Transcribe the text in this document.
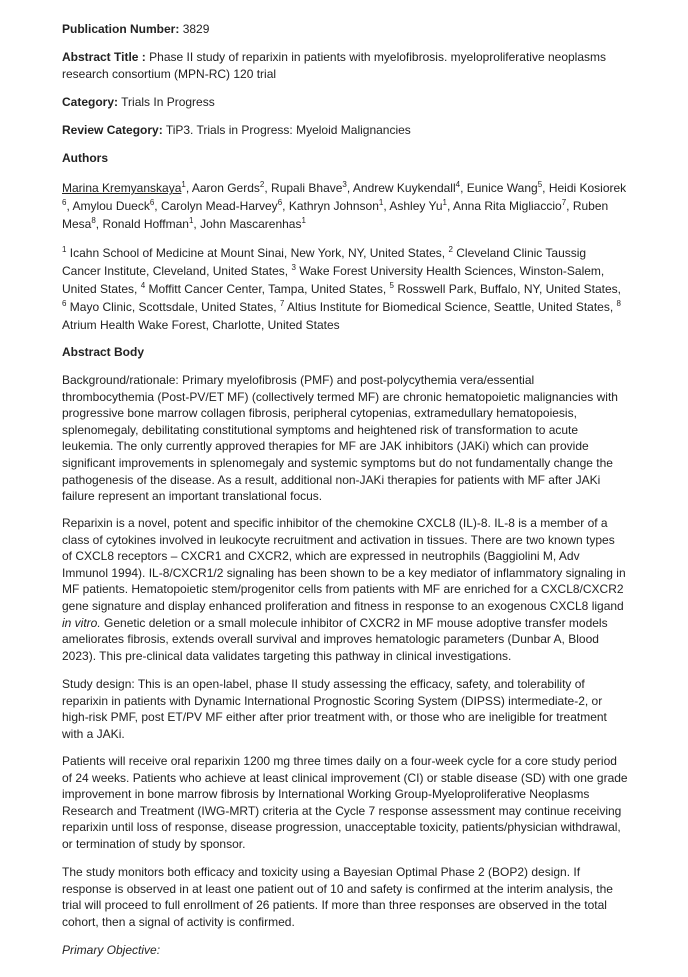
Publication Number: 3829
Abstract Title : Phase II study of reparixin in patients with myelofibrosis. myeloproliferative neoplasms research consortium (MPN-RC) 120 trial
Category: Trials In Progress
Review Category: TiP3. Trials in Progress: Myeloid Malignancies
Authors
Marina Kremyanskaya$^1$, Aaron Gerds$^2$, Rupali Bhave$^3$, Andrew Kuykendall$^4$, Eunice Wang$^5$, Heidi Kosiorek $^6$, Amylou Dueck$^6$, Carolyn Mead-Harvey$^6$, Kathryn Johnson$^1$, Ashley Yu$^1$, Anna Rita Migliaccio$^7$, Ruben Mesa$^8$, Ronald Hoffman$^1$, John Mascarenhas$^1$
$^1$ Icahn School of Medicine at Mount Sinai, New York, NY, United States, $^2$ Cleveland Clinic Taussig Cancer Institute, Cleveland, United States, $^3$ Wake Forest University Health Sciences, Winston-Salem, United States, $^4$ Moffitt Cancer Center, Tampa, United States, $^5$ Rosswell Park, Buffalo, NY, United States, $^6$ Mayo Clinic, Scottsdale, United States, $^7$ Altius Institute for Biomedical Science, Seattle, United States, $^8$ Atrium Health Wake Forest, Charlotte, United States
Abstract Body
Background/rationale: Primary myelofibrosis (PMF) and post-polycythemia vera/essential thrombocythemia (Post-PV/ET MF) (collectively termed MF) are chronic hematopoietic malignancies with progressive bone marrow collagen fibrosis, peripheral cytopenias, extramedullary hematopoiesis, splenomegaly, debilitating constitutional symptoms and heightened risk of transformation to acute leukemia. The only currently approved therapies for MF are JAK inhibitors (JAKi) which can provide significant improvements in splenomegaly and systemic symptoms but do not fundamentally change the pathogenesis of the disease. As a result, additional non-JAKi therapies for patients with MF after JAKi failure represent an important translational focus.
Reparixin is a novel, potent and specific inhibitor of the chemokine CXCL8 (IL)-8. IL-8 is a member of a class of cytokines involved in leukocyte recruitment and activation in tissues. There are two known types of CXCL8 receptors – CXCR1 and CXCR2, which are expressed in neutrophils (Baggiolini M, Adv Immunol 1994). IL-8/CXCR1/2 signaling has been shown to be a key mediator of inflammatory signaling in MF patients. Hematopoietic stem/progenitor cells from patients with MF are enriched for a CXCL8/CXCR2 gene signature and display enhanced proliferation and fitness in response to an exogenous CXCL8 ligand in vitro. Genetic deletion or a small molecule inhibitor of CXCR2 in MF mouse adoptive transfer models ameliorates fibrosis, extends overall survival and improves hematologic parameters (Dunbar A, Blood 2023). This pre-clinical data validates targeting this pathway in clinical investigations.
Study design: This is an open-label, phase II study assessing the efficacy, safety, and tolerability of reparixin in patients with Dynamic International Prognostic Scoring System (DIPSS) intermediate-2, or high-risk PMF, post ET/PV MF either after prior treatment with, or those who are ineligible for treatment with a JAKi.
Patients will receive oral reparixin 1200 mg three times daily on a four-week cycle for a core study period of 24 weeks. Patients who achieve at least clinical improvement (CI) or stable disease (SD) with one grade improvement in bone marrow fibrosis by International Working Group-Myeloproliferative Neoplasms Research and Treatment (IWG-MRT) criteria at the Cycle 7 response assessment may continue receiving reparixin until loss of response, disease progression, unacceptable toxicity, patients/physician withdrawal, or termination of study by sponsor.
The study monitors both efficacy and toxicity using a Bayesian Optimal Phase 2 (BOP2) design. If response is observed in at least one patient out of 10 and safety is confirmed at the interim analysis, the trial will proceed to full enrollment of 26 patients. If more than three responses are observed in the total cohort, then a signal of activity is confirmed.
Primary Objective:
